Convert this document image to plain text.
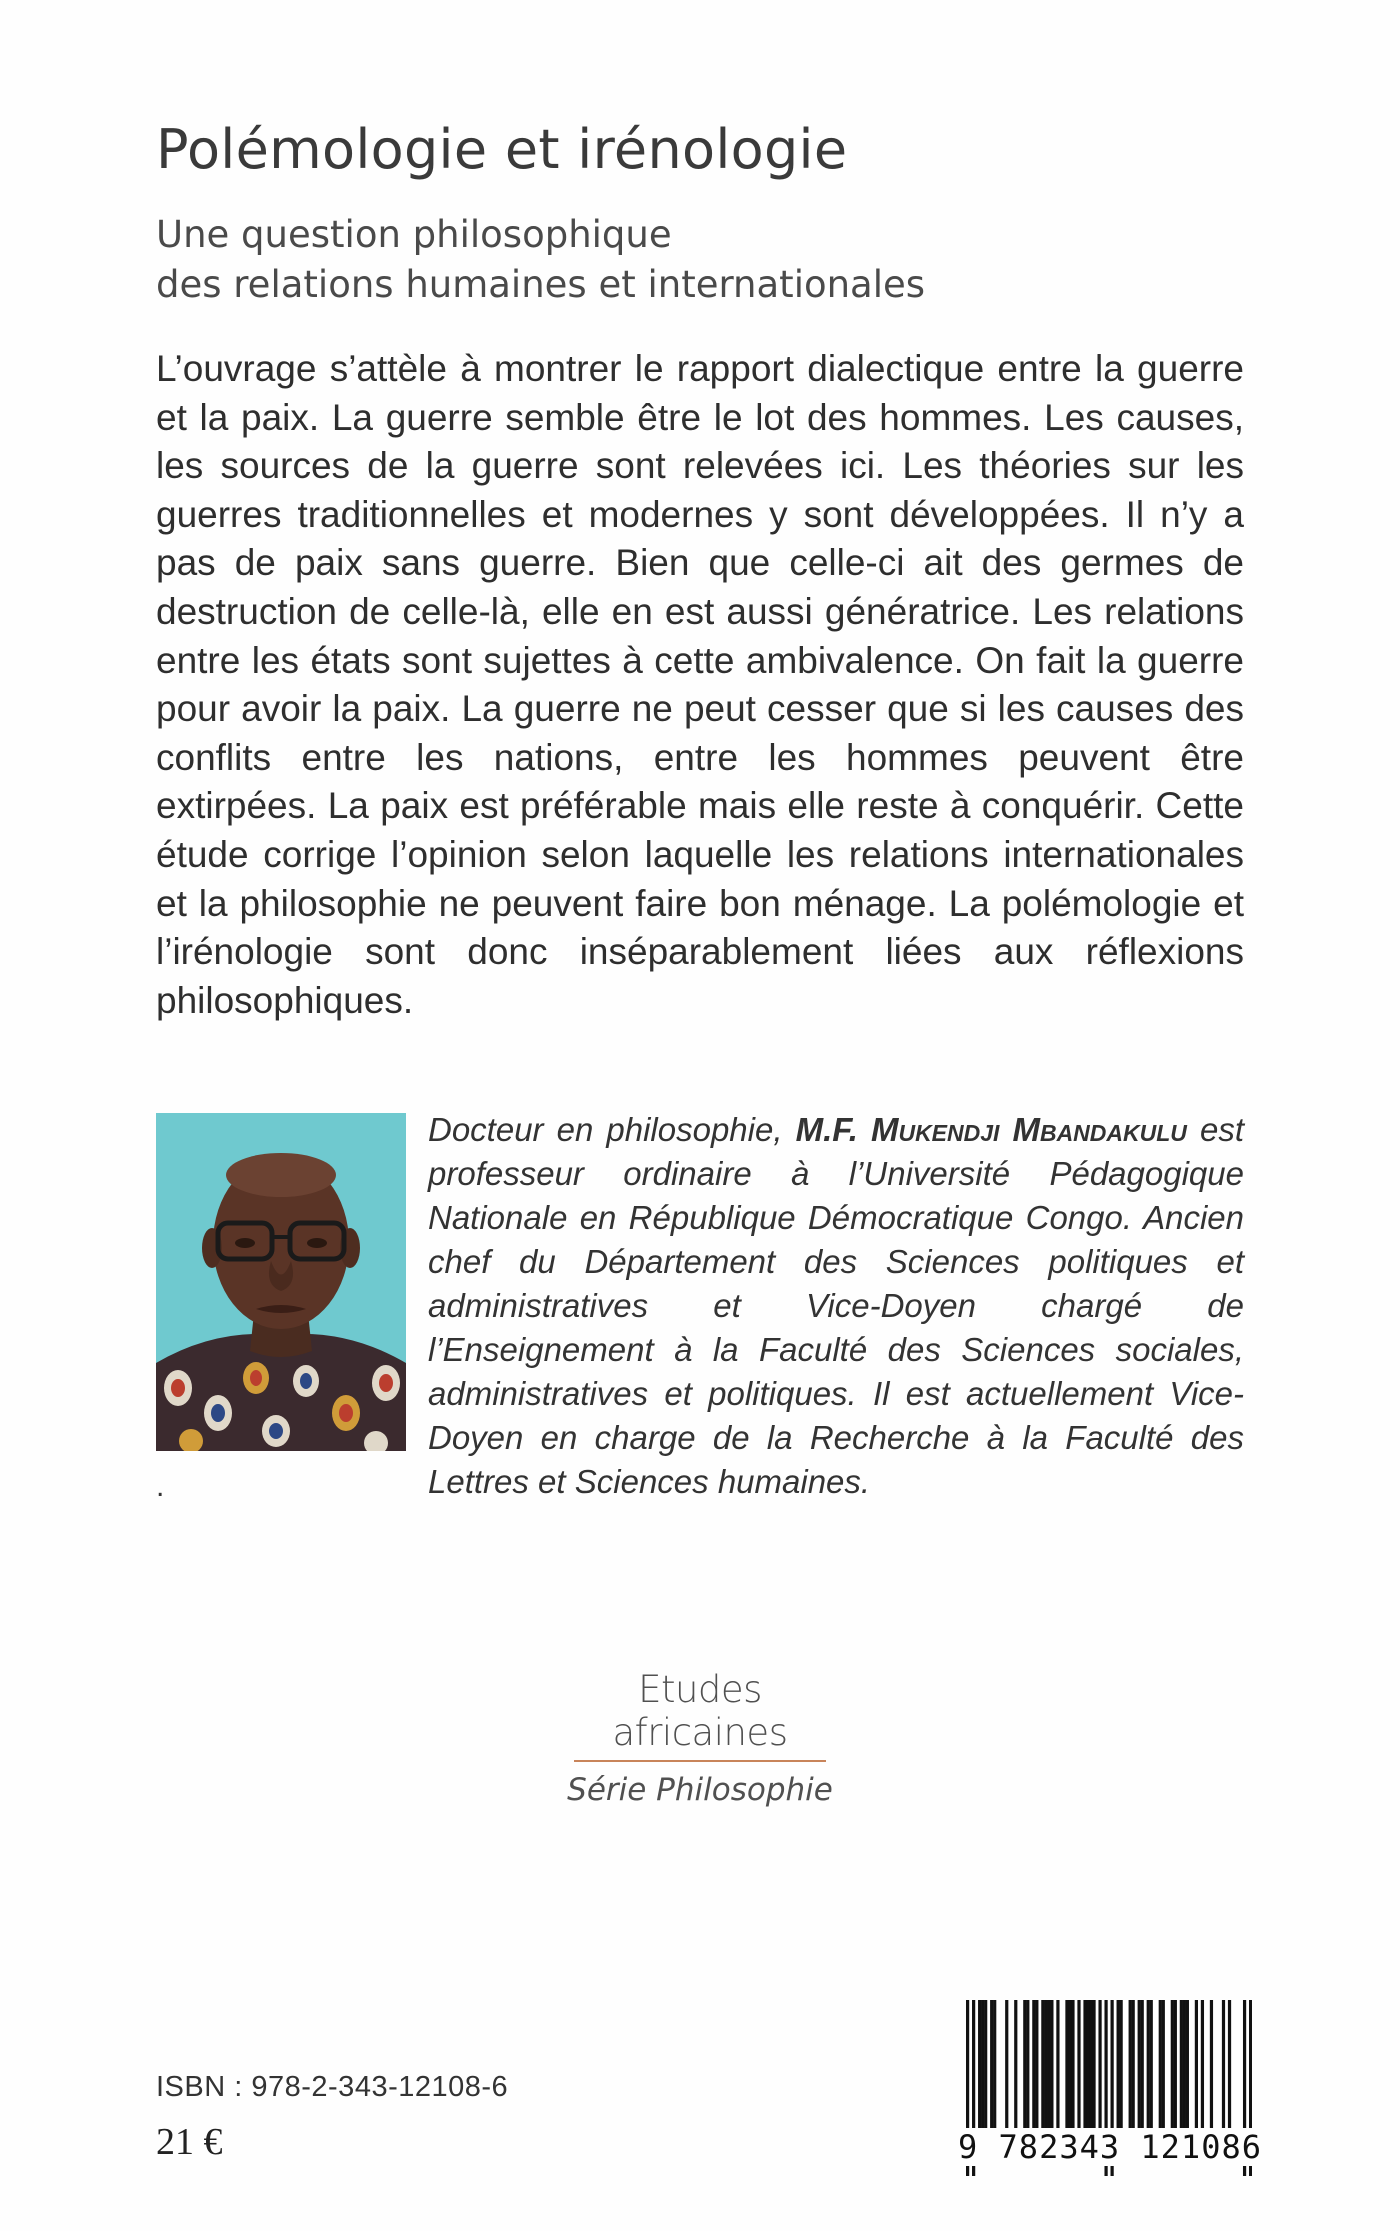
Polémologie et irénologie
Une question philosophique
des relations humaines et internationales
L’ouvrage s’attèle à montrer le rapport dialectique entre la guerre et la paix. La guerre semble être le lot des hommes. Les causes, les sources de la guerre sont relevées ici. Les théories sur les guerres traditionnelles et modernes y sont développées. Il n’y a pas de paix sans guerre. Bien que celle-ci ait des germes de destruction de celle-là, elle en est aussi génératrice. Les relations entre les états sont sujettes à cette ambivalence. On fait la guerre pour avoir la paix. La guerre ne peut cesser que si les causes des conflits entre les nations, entre les hommes peuvent être extirpées. La paix est préférable mais elle reste à conquérir. Cette étude corrige l’opinion selon laquelle les relations internationales et la philosophie ne peuvent faire bon ménage. La polémologie et l’irénologie sont donc inséparablement liées aux réflexions philosophiques.
Docteur en philosophie, M.F. Mukendji Mbandakulu est professeur ordinaire à l’Université Pédagogique Nationale en République Démocratique Congo. Ancien chef du Département des Sciences politiques et administratives et Vice-Doyen chargé de l’Enseignement à la Faculté des Sciences sociales, administratives et politiques. Il est actuellement Vice-Doyen en charge de la Recherche à la Faculté des Lettres et Sciences humaines.
.
Etudes africaines
Série Philosophie
ISBN : 978-2-343-12108-6
21 €	9 782343 121086
